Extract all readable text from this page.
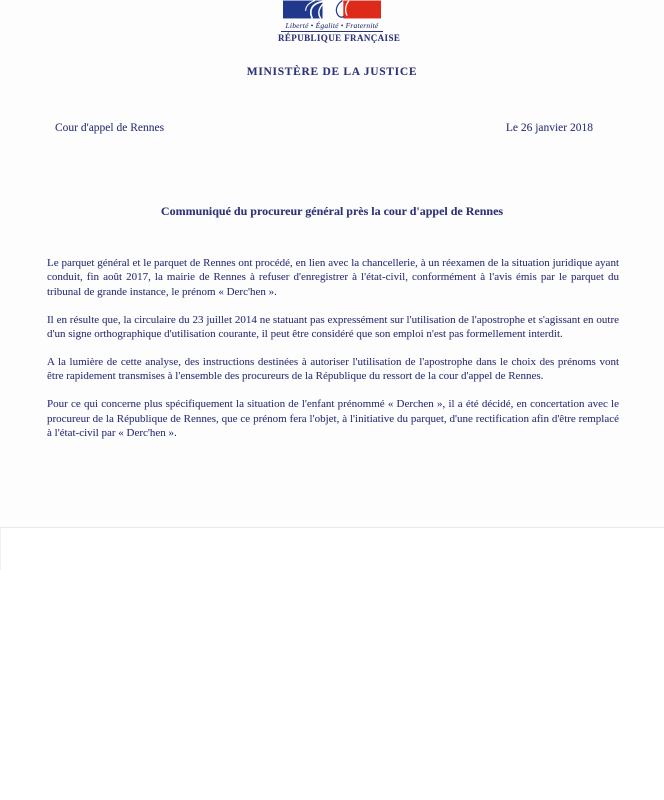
Liberté • Égalité • Fraternité
RÉPUBLIQUE FRANÇAISE
MINISTÈRE DE LA JUSTICE
Cour d'appel de Rennes	Le 26 janvier 2018
Communiqué du procureur général près la cour d'appel de Rennes

Le parquet général et le parquet de Rennes ont procédé, en lien avec la chancellerie, à un réexamen de la situation juridique ayant conduit, fin août 2017, la mairie de Rennes à refuser d'enregistrer à l'état-civil, conformément à l'avis émis par le parquet du tribunal de grande instance, le prénom « Derc'hen ».

Il en résulte que, la circulaire du 23 juillet 2014 ne statuant pas expressément sur l'utilisation de l'apostrophe et s'agissant en outre d'un signe orthographique d'utilisation courante, il peut être considéré que son emploi n'est pas formellement interdit.

A la lumière de cette analyse, des instructions destinées à autoriser l'utilisation de l'apostrophe dans le choix des prénoms vont être rapidement transmises à l'ensemble des procureurs de la République du ressort de la cour d'appel de Rennes.

Pour ce qui concerne plus spécifiquement la situation de l'enfant prénommé « Derchen », il a été décidé, en concertation avec le procureur de la République de Rennes, que ce prénom fera l'objet, à l'initiative du parquet, d'une rectification afin d'être remplacé à l'état-civil par « Derc'hen ».
